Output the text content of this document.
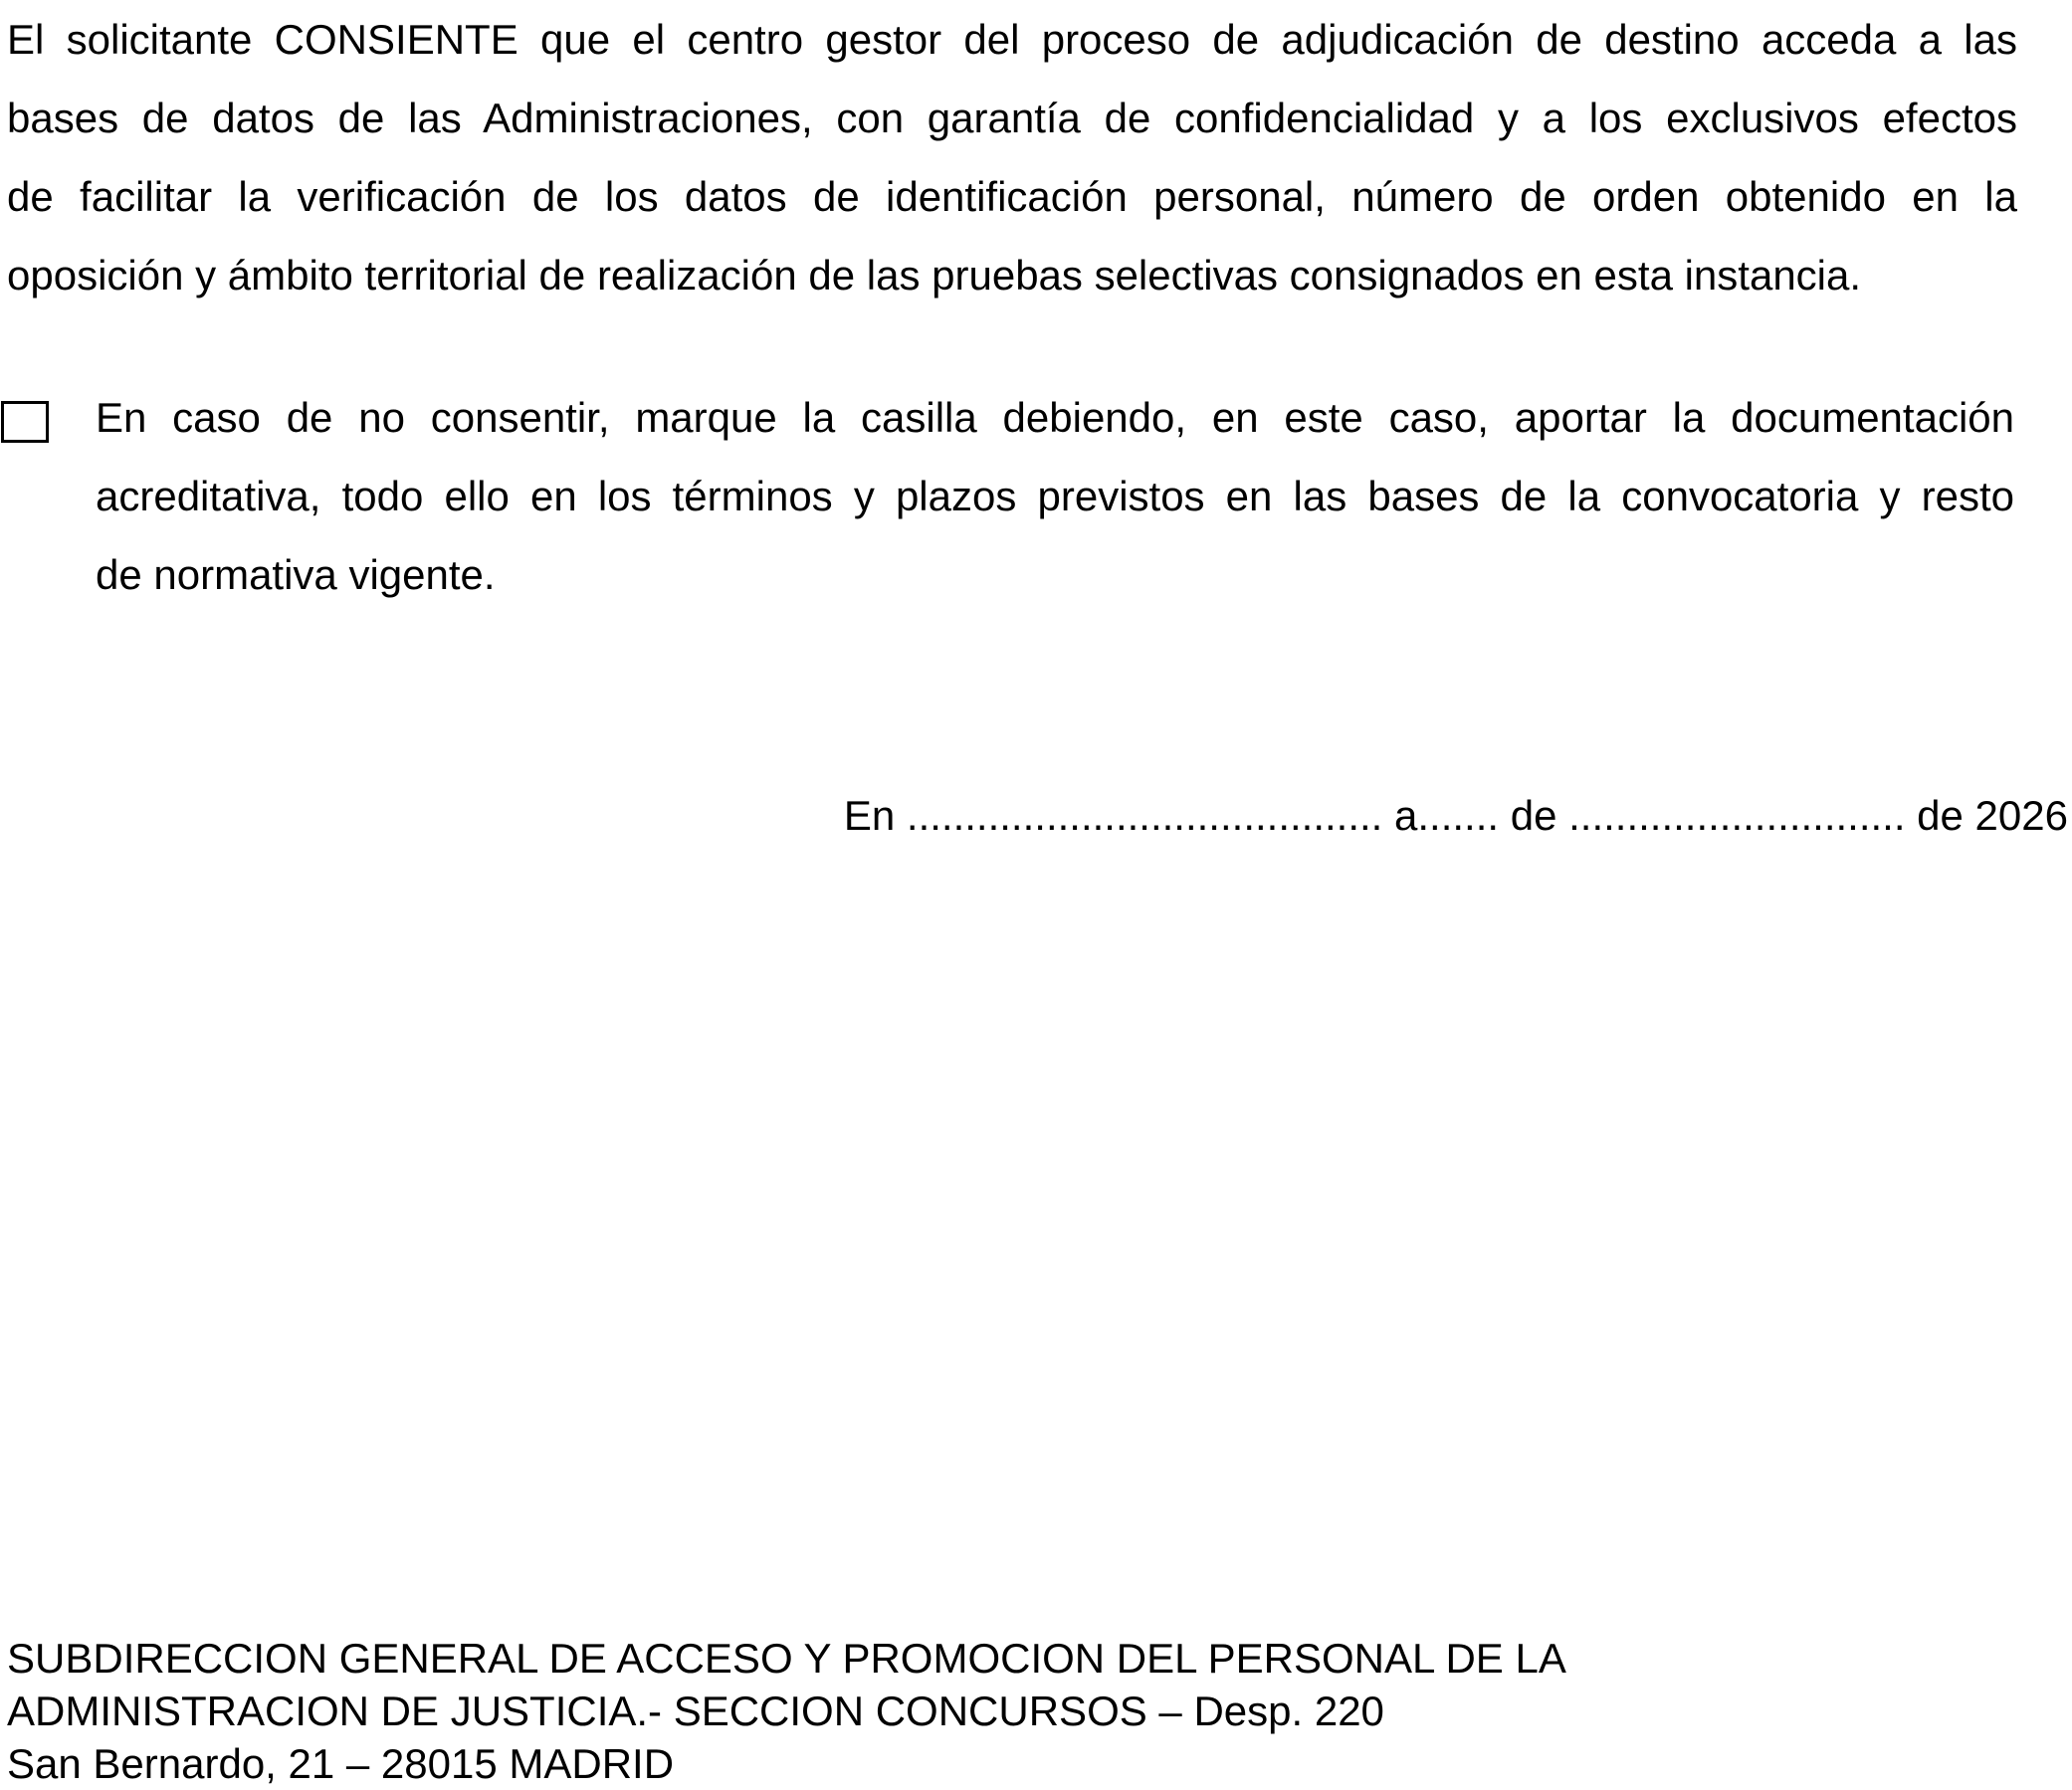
El solicitante CONSIENTE que el centro gestor del proceso de adjudicación de destino acceda a las
bases de datos de las Administraciones, con garantía de confidencialidad y a los exclusivos efectos
de facilitar la verificación de los datos de identificación personal, número de orden obtenido en la
oposición y ámbito territorial de realización de las pruebas selectivas consignados en esta instancia.

En caso de no consentir, marque la casilla debiendo, en este caso, aportar la documentación
acreditativa, todo ello en los términos y plazos previstos en las bases de la convocatoria y resto
de normativa vigente.

En ......................................... a....... de ............................. de 2026
SUBDIRECCION GENERAL DE ACCESO Y PROMOCION DEL PERSONAL DE LA
ADMINISTRACION DE JUSTICIA.- SECCION CONCURSOS – Desp. 220
San Bernardo, 21 – 28015 MADRID
